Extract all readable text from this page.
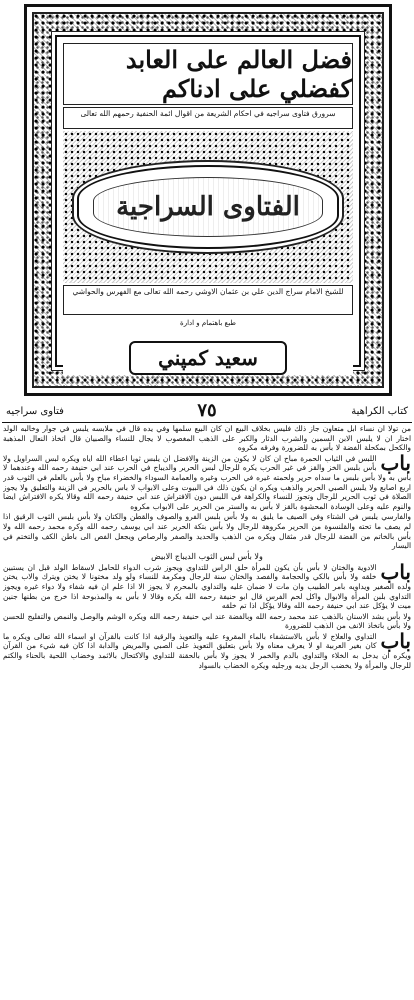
فضل العالم على العابد كفضلي على ادناكم
سرورق فتاوى سراجيه في احكام الشريعة من اقوال ائمة الحنفية رحمهم الله تعالى
الفتاوى السراجية
للشيخ الامام سراج الدين علي بن عثمان الاوشي رحمه الله تعالى مع الفهرس والحواشي
طبع باهتمام و ادارة
سعيد كمپني
فتاوى سراجيه	٧٥	كتاب الكراهية

من تولا ان نساء ابل متعاون جاز ذلك فليس بخلاف البيع ان كان البيع سلمها وفي يده قال في ملابسه يلبس في جوار وخالبه الولد اختار ان لا يلبس الابن السمين والشرب الدثار والكبر على الذهب المغصوب لا يجال للنساء والصبيان قال اتخاذ النعال المذهبة والكحل بمكحلة الفضة لا بأس به للضرورة وفرقه مكروه

باب
اللبس في الثياب الحمرة مباح ان كان لا يكون من الزينة والافضل ان يلبس ثوبا اعطاء الله اياه ويكره لبس السراويل ولا بأس بلبس الخز والقز في غير الحرب يكره للرجال لبس الحرير والديباج في الحرب عند ابي حنيفة رحمه الله وعندهما لا بأس به ولا بأس بلبس ما سداه حرير ولحمته غيره في الحرب وغيره والعمامة السوداء والخضراء مباح ولا بأس بالعلم في الثوب قدر اربع اصابع ولا يلبس الصبي الحرير والذهب ويكره ان يكون ذلك في البيوت وعلى الابواب لا باس بالحرير في الزينة والتعليق ولا يجوز الصلاة في ثوب الحرير للرجال وتجوز للنساء والكراهة في اللبس دون الافتراش عند ابي حنيفة رحمه الله وقالا يكره الافتراش ايضا والنوم عليه وعلى الوسادة المحشوة بالقز لا بأس به والستر من الحرير على الابواب مكروه

والفارسي يلبس في الشتاء وفي الصيف ما يليق به ولا بأس بلبس الفرو والصوف والقطن والكتان ولا بأس بلبس الثوب الرقيق اذا لم يصف ما تحته والقلنسوة من الحرير مكروهة للرجال ولا بأس بتكة الحرير عند ابي يوسف رحمه الله وكره محمد رحمه الله ولا بأس بالخاتم من الفضة للرجال قدر مثقال ويكره من الذهب والحديد والصفر والرصاص ويجعل الفص الى باطن الكف والتختم في اليسار

ولا بأس لبس الثوب الديباج الابيض

باب
الادوية والختان لا بأس بأن يكون للمرأة حلق الراس للتداوي ويجوز شرب الدواء للحامل لاسقاط الولد قبل ان يستبين خلقه ولا بأس بالكي والحجامة والفصد والختان سنة للرجال ومكرمة للنساء ولو ولد مختونا لا يختن ويترك والاب يختن ولده الصغير ويداويه بامر الطبيب وان مات لا ضمان عليه والتداوي بالمحرم لا يجوز الا اذا علم ان فيه شفاء ولا دواء غيره ويجوز التداوي بلبن المرأة والابوال واكل لحم الفرس قال ابو حنيفة رحمه الله يكره وقالا لا بأس به والمذبوحة اذا خرج من بطنها جنين ميت لا يؤكل عند ابي حنيفة رحمه الله وقالا يؤكل اذا تم خلقه

ولا بأس بشد الاسنان بالذهب عند محمد رحمه الله وبالفضة عند ابي حنيفة رحمه الله ويكره الوشم والوصل والنمص والتفليج للحسن ولا بأس باتخاذ الانف من الذهب للضرورة

باب
التداوي والعلاج لا بأس بالاستشفاء بالماء المقروء عليه والتعويذ والرقية اذا كانت بالقرآن او اسماء الله تعالى ويكره ما كان بغير العربية او لا يعرف معناه ولا بأس بتعليق التعويذ على الصبي والمريض والدابة اذا كان فيه شيء من القرآن ويكره ان يدخل به الخلاء والتداوي بالدم والخمر لا يجوز ولا بأس بالحقنة للتداوي والاكتحال بالاثمد وخضاب اللحية بالحناء والكتم للرجال والمرأة ولا يخضب الرجل يديه ورجليه ويكره الخضاب بالسواد
